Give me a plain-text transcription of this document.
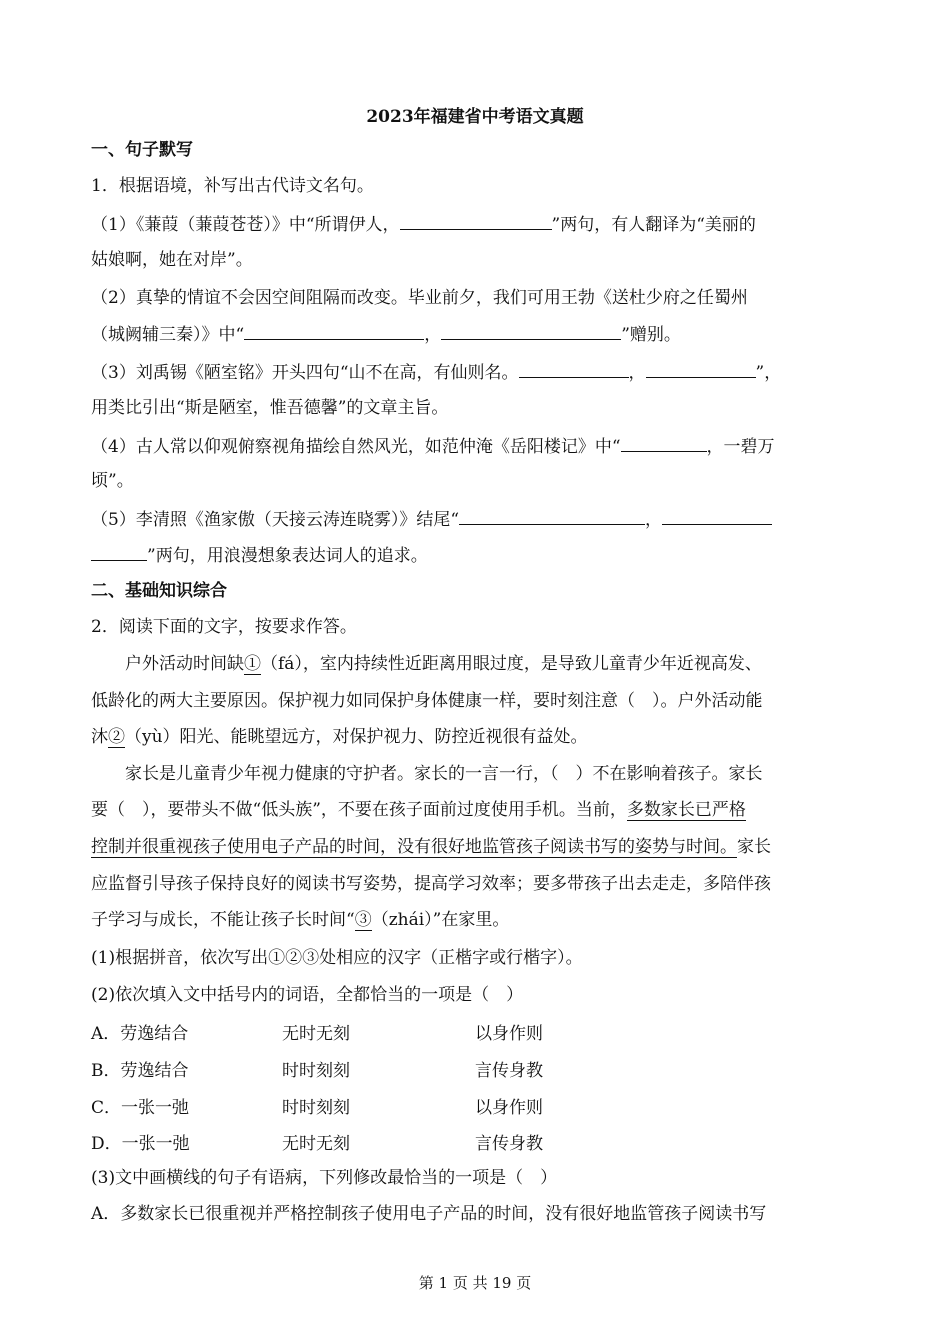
2023年福建省中考语文真题
一、句子默写
1．根据语境，补写出古代诗文名句。
（1）《蒹葭（蒹葭苍苍）》中“所谓伊人，	”两句，有人翻译为“美丽的
姑娘啊，她在对岸”。
（2）真挚的情谊不会因空间阻隔而改变。毕业前夕，我们可用王勃《送杜少府之任蜀州
（城阙辅三秦）》中“	，	”赠别。
（3）刘禹锡《陋室铭》开头四句“山不在高，有仙则名。	，	”，
用类比引出“斯是陋室，惟吾德馨”的文章主旨。
（4）古人常以仰观俯察视角描绘自然风光，如范仲淹《岳阳楼记》中“	，一碧万
顷”。
（5）李清照《渔家傲（天接云涛连晓雾）》结尾“	，
”两句，用浪漫想象表达词人的追求。
二、基础知识综合
2．阅读下面的文字，按要求作答。
户外活动时间缺①（fá），室内持续性近距离用眼过度，是导致儿童青少年近视高发、
低龄化的两大主要原因。保护视力如同保护身体健康一样，要时刻注意（　）。户外活动能
沐②（yù）阳光、能眺望远方，对保护视力、防控近视很有益处。
家长是儿童青少年视力健康的守护者。家长的一言一行，（　）不在影响着孩子。家长
要（　），要带头不做“低头族”，不要在孩子面前过度使用手机。当前，多数家长已严格
控制并很重视孩子使用电子产品的时间，没有很好地监管孩子阅读书写的姿势与时间。家长
应监督引导孩子保持良好的阅读书写姿势，提高学习效率；要多带孩子出去走走，多陪伴孩
子学习与成长，不能让孩子长时间“③（zhái）”在家里。
(1)根据拼音，依次写出①②③处相应的汉字（正楷字或行楷字）。
(2)依次填入文中括号内的词语，全都恰当的一项是（　）
A．劳逸结合	无时无刻	以身作则
B．劳逸结合	时时刻刻	言传身教
C．一张一弛	时时刻刻	以身作则
D．一张一弛	无时无刻	言传身教
(3)文中画横线的句子有语病，下列修改最恰当的一项是（　）
A．多数家长已很重视并严格控制孩子使用电子产品的时间，没有很好地监管孩子阅读书写
第 1 页 共 19 页
